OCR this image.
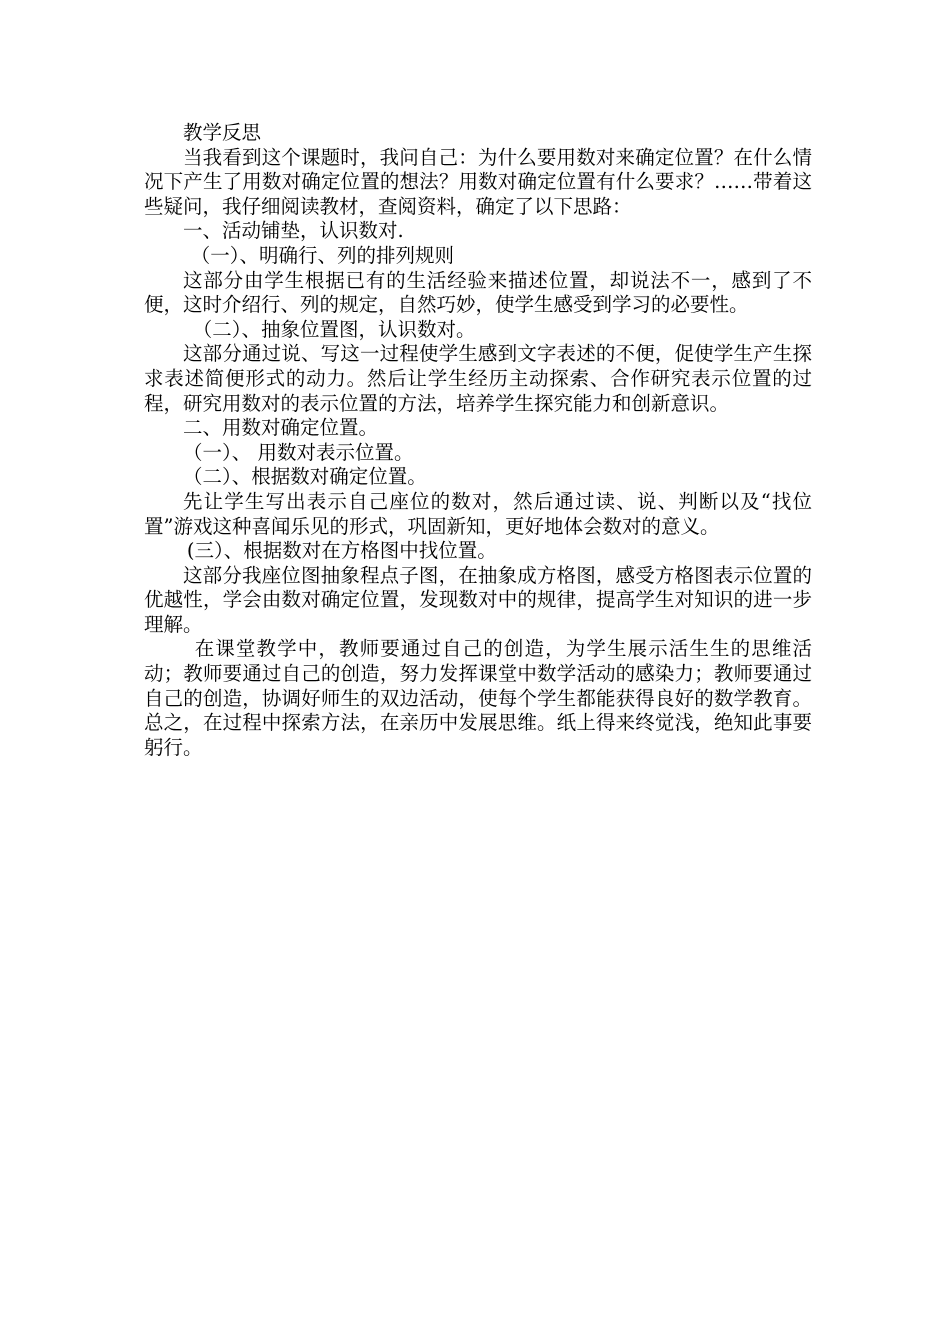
教学反思

当我看到这个课题时，我问自己：为什么要用数对来确定位置？在什么情况下产生了用数对确定位置的想法？用数对确定位置有什么要求？……带着这些疑问，我仔细阅读教材，查阅资料，确定了以下思路：

一、活动铺垫，认识数对.

（一）、明确行、列的排列规则

这部分由学生根据已有的生活经验来描述位置，却说法不一，感到了不便，这时介绍行、列的规定，自然巧妙，使学生感受到学习的必要性。

（二）、抽象位置图，认识数对。

这部分通过说、写这一过程使学生感到文字表述的不便，促使学生产生探求表述简便形式的动力。然后让学生经历主动探索、合作研究表示位置的过程，研究用数对的表示位置的方法，培养学生探究能力和创新意识。

二、用数对确定位置。

（一）、 用数对表示位置。

（二）、根据数对确定位置。

先让学生写出表示自己座位的数对，然后通过读、说、判断以及“找位置”游戏这种喜闻乐见的形式，巩固新知，更好地体会数对的意义。

(三）、根据数对在方格图中找位置。

这部分我座位图抽象程点子图，在抽象成方格图，感受方格图表示位置的优越性，学会由数对确定位置，发现数对中的规律，提高学生对知识的进一步理解。

在课堂教学中，教师要通过自己的创造，为学生展示活生生的思维活动；教师要通过自己的创造，努力发挥课堂中数学活动的感染力；教师要通过自己的创造，协调好师生的双边活动，使每个学生都能获得良好的数学教育。总之，在过程中探索方法，在亲历中发展思维。纸上得来终觉浅，绝知此事要躬行。
